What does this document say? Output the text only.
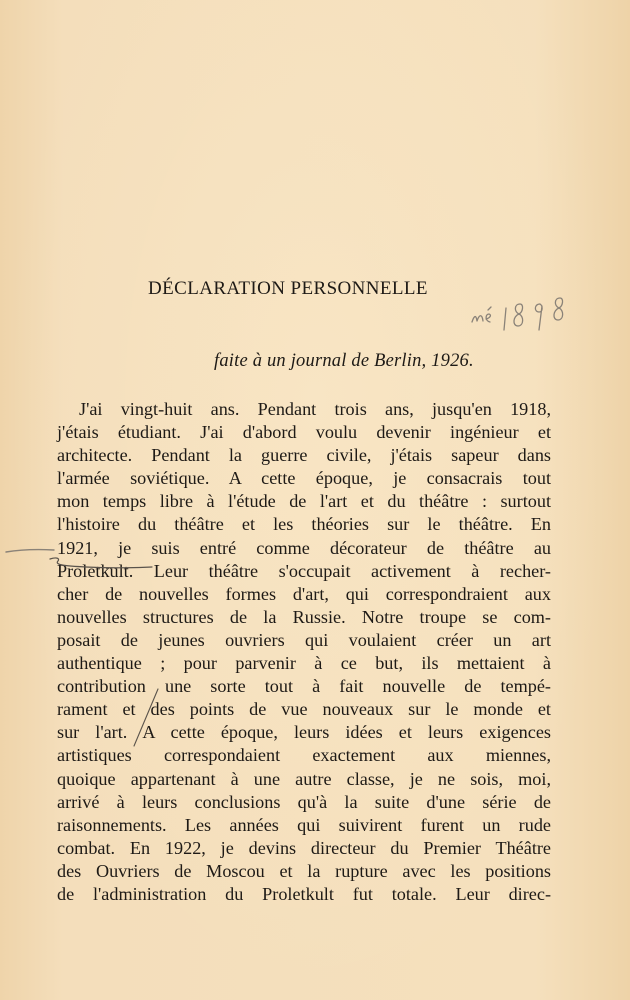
DÉCLARATION PERSONNELLE
faite à un journal de Berlin, 1926.
J'ai vingt-huit ans. Pendant trois ans, jusqu'en 1918,
j'étais étudiant. J'ai d'abord voulu devenir ingénieur et
architecte. Pendant la guerre civile, j'étais sapeur dans
l'armée soviétique. A cette époque, je consacrais tout
mon temps libre à l'étude de l'art et du théâtre : surtout
l'histoire du théâtre et les théories sur le théâtre. En
1921, je suis entré comme décorateur de théâtre au
Proletkult. Leur théâtre s'occupait activement à recher-
cher de nouvelles formes d'art, qui correspondraient aux
nouvelles structures de la Russie. Notre troupe se com-
posait de jeunes ouvriers qui voulaient créer un art
authentique ; pour parvenir à ce but, ils mettaient à
contribution une sorte tout à fait nouvelle de tempé-
rament et des points de vue nouveaux sur le monde et
sur l'art. A cette époque, leurs idées et leurs exigences
artistiques correspondaient exactement aux miennes,
quoique appartenant à une autre classe, je ne sois, moi,
arrivé à leurs conclusions qu'à la suite d'une série de
raisonnements. Les années qui suivirent furent un rude
combat. En 1922, je devins directeur du Premier Théâtre
des Ouvriers de Moscou et la rupture avec les positions
de l'administration du Proletkult fut totale. Leur direc-
